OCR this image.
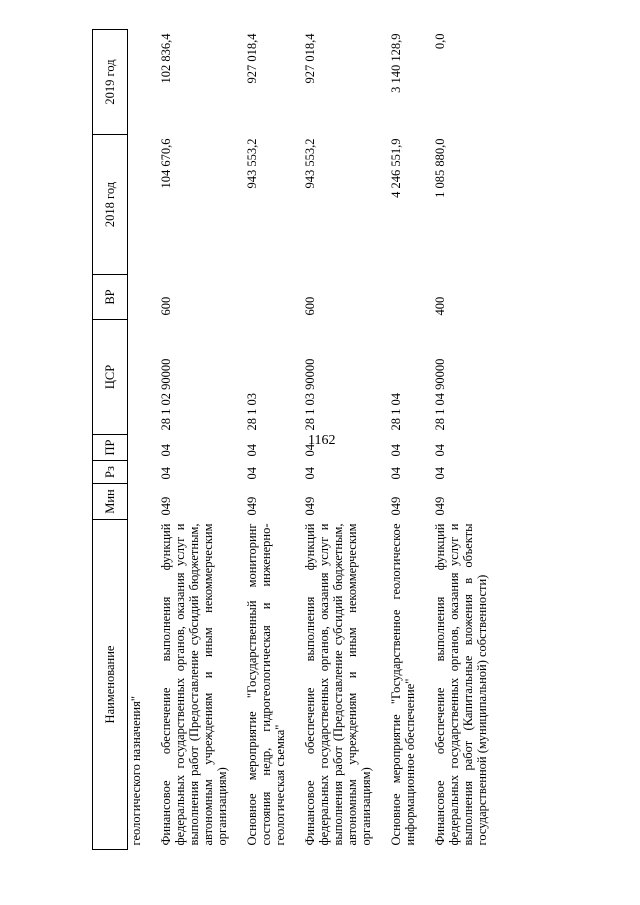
1162
Наименование	Мин	Рз	ПР	ЦСР	ВР	2018 год	2019 год
геологического назначения"							

Финансовое обеспечение выполнения функций федеральных государственных органов, оказания услуг и выполнения работ (Предоставление субсидий бюджетным, автономным учреждениям и иным некоммерческим организациям)	049	04	04	28 1 02 90000	600	104 670,6	102 836,4

Основное мероприятие "Государственный мониторинг состояния недр, гидрогеологическая и инженерно-геологическая съемка"	049	04	04	28 1 03		943 553,2	927 018,4

Финансовое обеспечение выполнения функций федеральных государственных органов, оказания услуг и выполнения работ (Предоставление субсидий бюджетным, автономным учреждениям и иным некоммерческим организациям)	049	04	04	28 1 03 90000	600	943 553,2	927 018,4

Основное мероприятие "Государственное геологическое информационное обеспечение"	049	04	04	28 1 04		4 246 551,9	3 140 128,9

Финансовое обеспечение выполнения функций федеральных государственных органов, оказания услуг и выполнения работ (Капитальные вложения в объекты государственной (муниципальной) собственности)	049	04	04	28 1 04 90000	400	1 085 880,0	0,0
